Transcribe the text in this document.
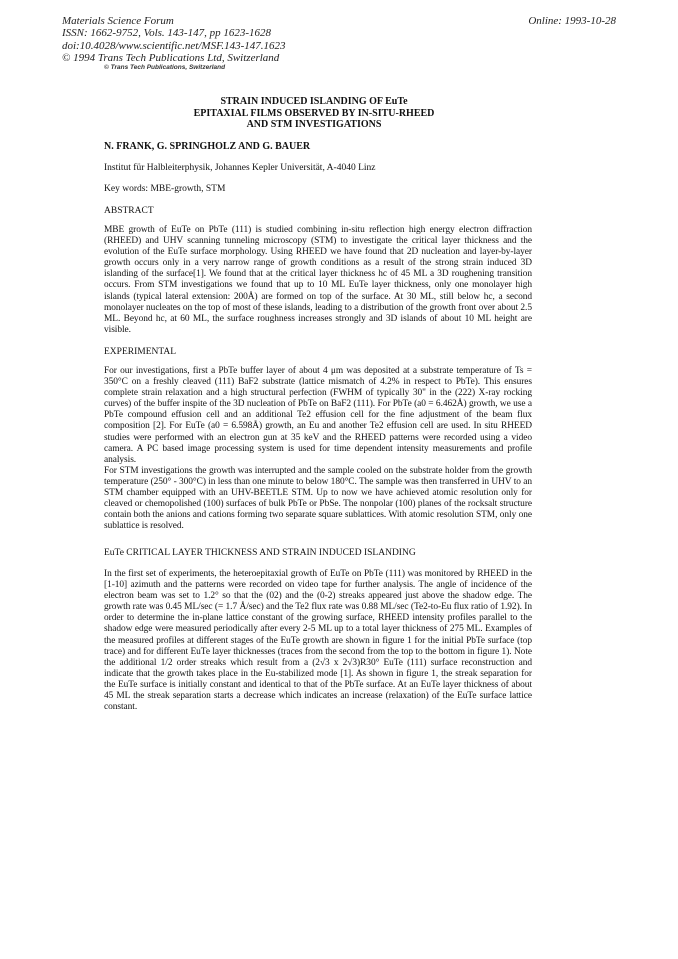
Materials Science Forum
ISSN: 1662-9752, Vols. 143-147, pp 1623-1628
doi:10.4028/www.scientific.net/MSF.143-147.1623
© 1994 Trans Tech Publications Ltd, Switzerland
Online: 1993-10-28
© Trans Tech Publications, Switzerland
STRAIN INDUCED ISLANDING OF EuTe
EPITAXIAL FILMS OBSERVED BY IN-SITU-RHEED
AND STM INVESTIGATIONS
N. FRANK, G. SPRINGHOLZ AND G. BAUER
Institut für Halbleiterphysik, Johannes Kepler Universität, A-4040 Linz
Key words: MBE-growth, STM
ABSTRACT

MBE growth of EuTe on PbTe (111) is studied combining in-situ reflection high energy electron diffraction (RHEED) and UHV scanning tunneling microscopy (STM) to investigate the critical layer thickness and the evolution of the EuTe surface morphology. Using RHEED we have found that 2D nucleation and layer-by-layer growth occurs only in a very narrow range of growth conditions as a result of the strong strain induced 3D islanding of the surface[1]. We found that at the critical layer thickness hc of 45 ML a 3D roughening transition occurs. From STM investigations we found that up to 10 ML EuTe layer thickness, only one monolayer high islands (typical lateral extension: 200Å) are formed on top of the surface. At 30 ML, still below hc, a second monolayer nucleates on the top of most of these islands, leading to a distribution of the growth front over about 2.5 ML. Beyond hc, at 60 ML, the surface roughness increases strongly and 3D islands of about 10 ML height are visible.

EXPERIMENTAL

For our investigations, first a PbTe buffer layer of about 4 μm was deposited at a substrate temperature of Ts = 350°C on a freshly cleaved (111) BaF2 substrate (lattice mismatch of 4.2% in respect to PbTe). This ensures complete strain relaxation and a high structural perfection (FWHM of typically 30" in the (222) X-ray rocking curves) of the buffer inspite of the 3D nucleation of PbTe on BaF2 (111). For PbTe (a0 = 6.462Å) growth, we use a PbTe compound effusion cell and an additional Te2 effusion cell for the fine adjustment of the beam flux composition [2]. For EuTe (a0 = 6.598Å) growth, an Eu and another Te2 effusion cell are used. In situ RHEED studies were performed with an electron gun at 35 keV and the RHEED patterns were recorded using a video camera. A PC based image processing system is used for time dependent intensity measurements and profile analysis.

For STM investigations the growth was interrupted and the sample cooled on the substrate holder from the growth temperature (250° - 300°C) in less than one minute to below 180°C. The sample was then transferred in UHV to an STM chamber equipped with an UHV-BEETLE STM. Up to now we have achieved atomic resolution only for cleaved or chemopolished (100) surfaces of bulk PbTe or PbSe. The nonpolar (100) planes of the rocksalt structure contain both the anions and cations forming two separate square sublattices. With atomic resolution STM, only one sublattice is resolved.

EuTe CRITICAL LAYER THICKNESS AND STRAIN INDUCED ISLANDING

In the first set of experiments, the heteroepitaxial growth of EuTe on PbTe (111) was monitored by RHEED in the [1-10] azimuth and the patterns were recorded on video tape for further analysis. The angle of incidence of the electron beam was set to 1.2° so that the (02) and the (0-2) streaks appeared just above the shadow edge. The growth rate was 0.45 ML/sec (= 1.7 Å/sec) and the Te2 flux rate was 0.88 ML/sec (Te2-to-Eu flux ratio of 1.92). In order to determine the in-plane lattice constant of the growing surface, RHEED intensity profiles parallel to the shadow edge were measured periodically after every 2-5 ML up to a total layer thickness of 275 ML. Examples of the measured profiles at different stages of the EuTe growth are shown in figure 1 for the initial PbTe surface (top trace) and for different EuTe layer thicknesses (traces from the second from the top to the bottom in figure 1). Note the additional 1/2 order streaks which result from a (2√3 x 2√3)R30° EuTe (111) surface reconstruction and indicate that the growth takes place in the Eu-stabilized mode [1]. As shown in figure 1, the streak separation for the EuTe surface is initially constant and identical to that of the PbTe surface. At an EuTe layer thickness of about 45 ML the streak separation starts a decrease which indicates an increase (relaxation) of the EuTe surface lattice constant.
